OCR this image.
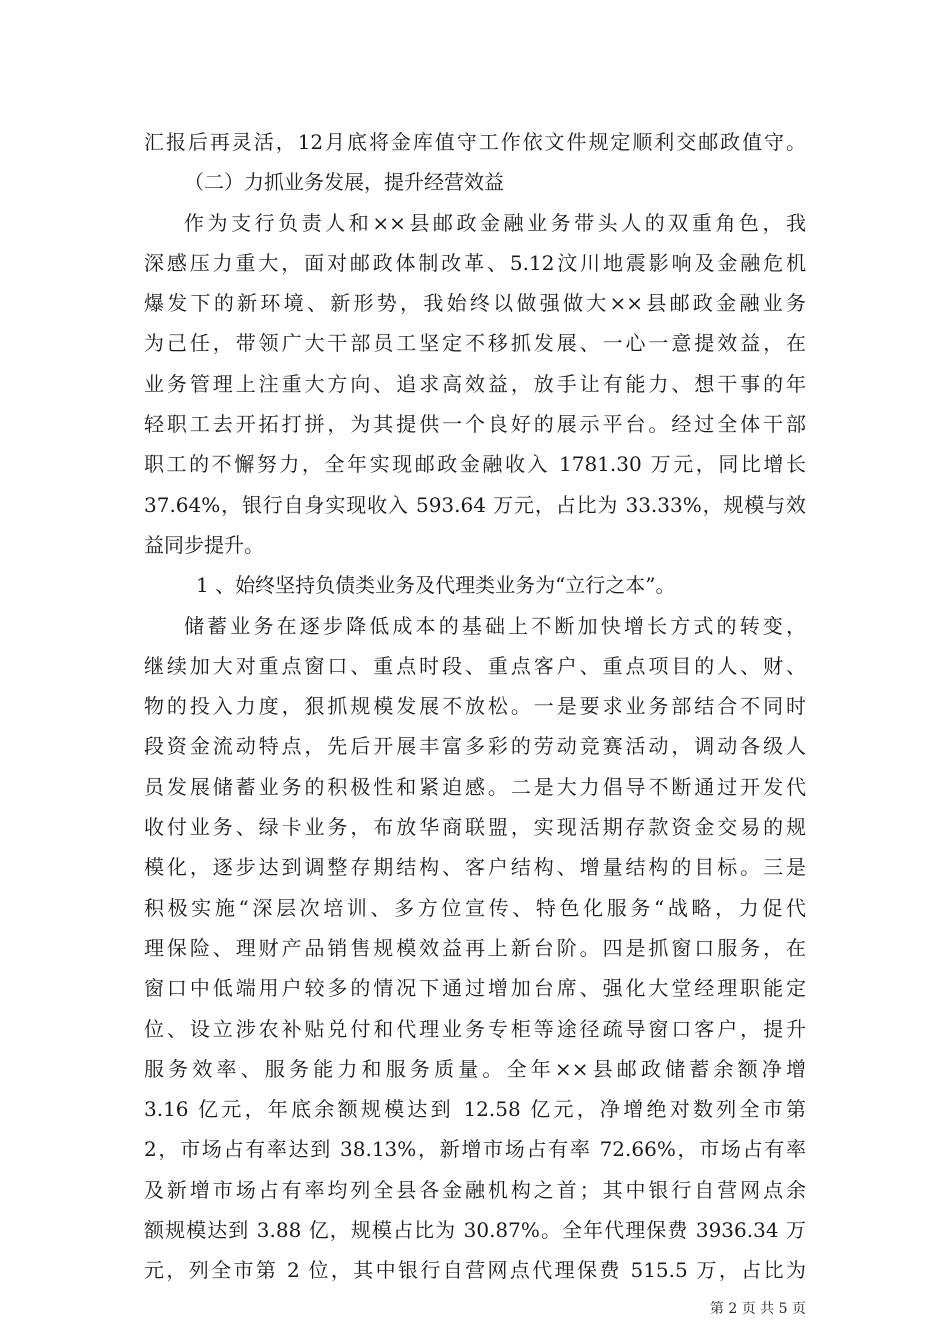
汇报后再灵活，12月底将金库值守工作依文件规定顺利交邮政值守。
（二）力抓业务发展，提升经营效益
作为支行负责人和××县邮政金融业务带头人的双重角色，我
深感压力重大，面对邮政体制改革、5.12汶川地震影响及金融危机
爆发下的新环境、新形势，我始终以做强做大××县邮政金融业务
为己任，带领广大干部员工坚定不移抓发展、一心一意提效益，在
业务管理上注重大方向、追求高效益，放手让有能力、想干事的年
轻职工去开拓打拼，为其提供一个良好的展示平台。经过全体干部
职工的不懈努力，全年实现邮政金融收入 1781.30 万元，同比增长
37.64%，银行自身实现收入 593.64 万元，占比为 33.33%，规模与效
益同步提升。
1 、始终坚持负债类业务及代理类业务为“立行之本”。
储蓄业务在逐步降低成本的基础上不断加快增长方式的转变，
继续加大对重点窗口、重点时段、重点客户、重点项目的人、财、
物的投入力度，狠抓规模发展不放松。一是要求业务部结合不同时
段资金流动特点，先后开展丰富多彩的劳动竞赛活动，调动各级人
员发展储蓄业务的积极性和紧迫感。二是大力倡导不断通过开发代
收付业务、绿卡业务，布放华商联盟，实现活期存款资金交易的规
模化，逐步达到调整存期结构、客户结构、增量结构的目标。三是
积极实施“深层次培训、多方位宣传、特色化服务“战略，力促代
理保险、理财产品销售规模效益再上新台阶。四是抓窗口服务，在
窗口中低端用户较多的情况下通过增加台席、强化大堂经理职能定
位、设立涉农补贴兑付和代理业务专柜等途径疏导窗口客户，提升
服务效率、服务能力和服务质量。全年××县邮政储蓄余额净增
3.16 亿元，年底余额规模达到 12.58 亿元，净增绝对数列全市第
2，市场占有率达到 38.13%，新增市场占有率 72.66%，市场占有率
及新增市场占有率均列全县各金融机构之首；其中银行自营网点余
额规模达到 3.88 亿，规模占比为 30.87%。全年代理保费 3936.34 万
元，列全市第 2 位，其中银行自营网点代理保费 515.5 万，占比为
第 2 页 共 5 页
